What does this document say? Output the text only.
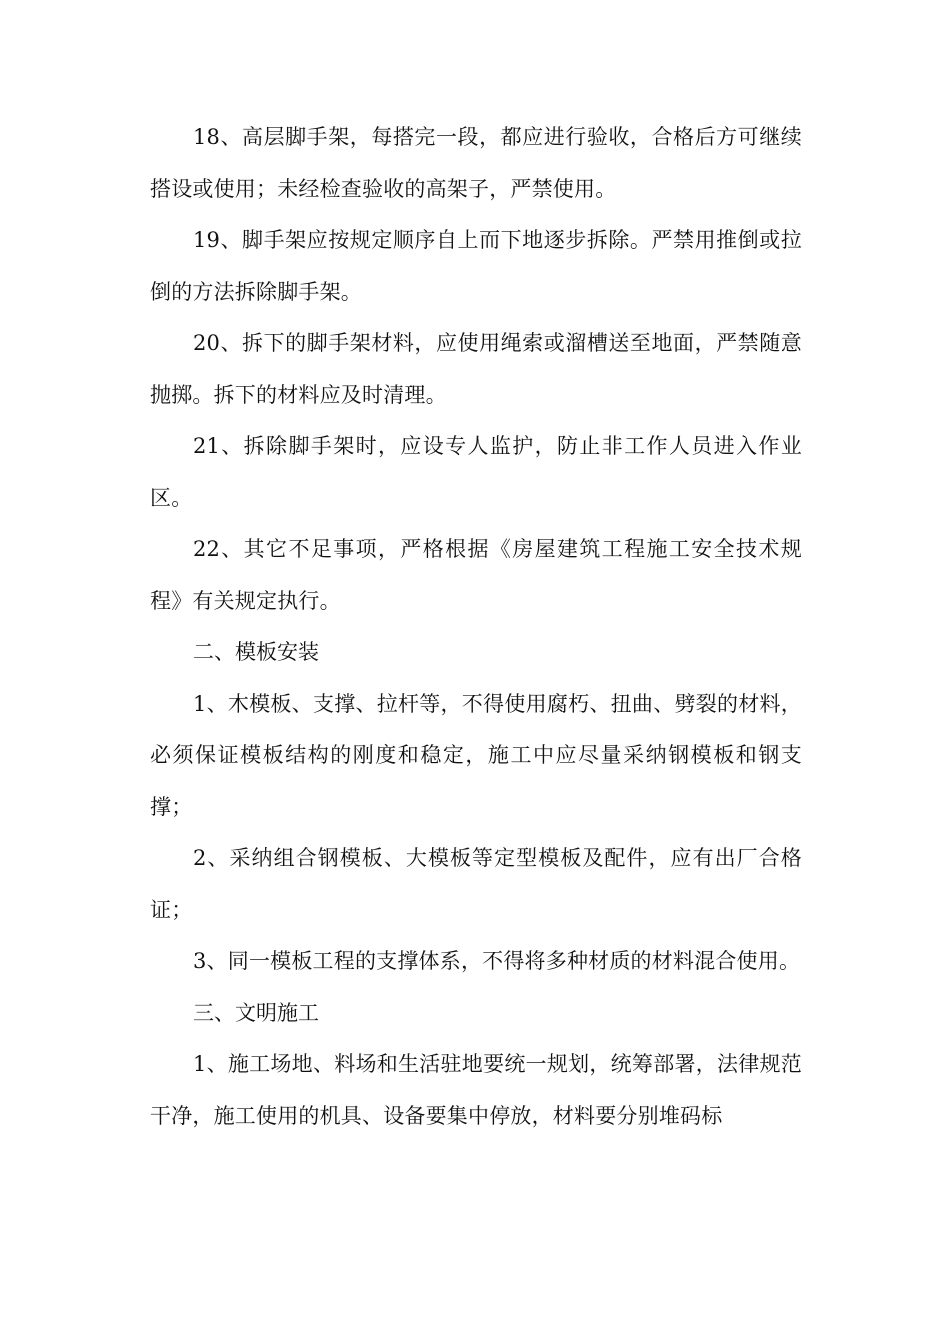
18、高层脚手架，每搭完一段，都应进行验收，合格后方可继续搭设或使用；未经检查验收的高架子，严禁使用。

19、脚手架应按规定顺序自上而下地逐步拆除。严禁用推倒或拉倒的方法拆除脚手架。

20、拆下的脚手架材料，应使用绳索或溜槽送至地面，严禁随意抛掷。拆下的材料应及时清理。

21、拆除脚手架时，应设专人监护，防止非工作人员进入作业区。

22、其它不足事项，严格根据《房屋建筑工程施工安全技术规程》有关规定执行。

二、模板安装

1、木模板、支撑、拉杆等，不得使用腐朽、扭曲、劈裂的材料，必须保证模板结构的刚度和稳定，施工中应尽量采纳钢模板和钢支撑；

2、采纳组合钢模板、大模板等定型模板及配件，应有出厂合格证；

3、同一模板工程的支撑体系，不得将多种材质的材料混合使用。

三、文明施工

1、施工场地、料场和生活驻地要统一规划，统筹部署，法律规范干净，施工使用的机具、设备要集中停放，材料要分别堆码标
